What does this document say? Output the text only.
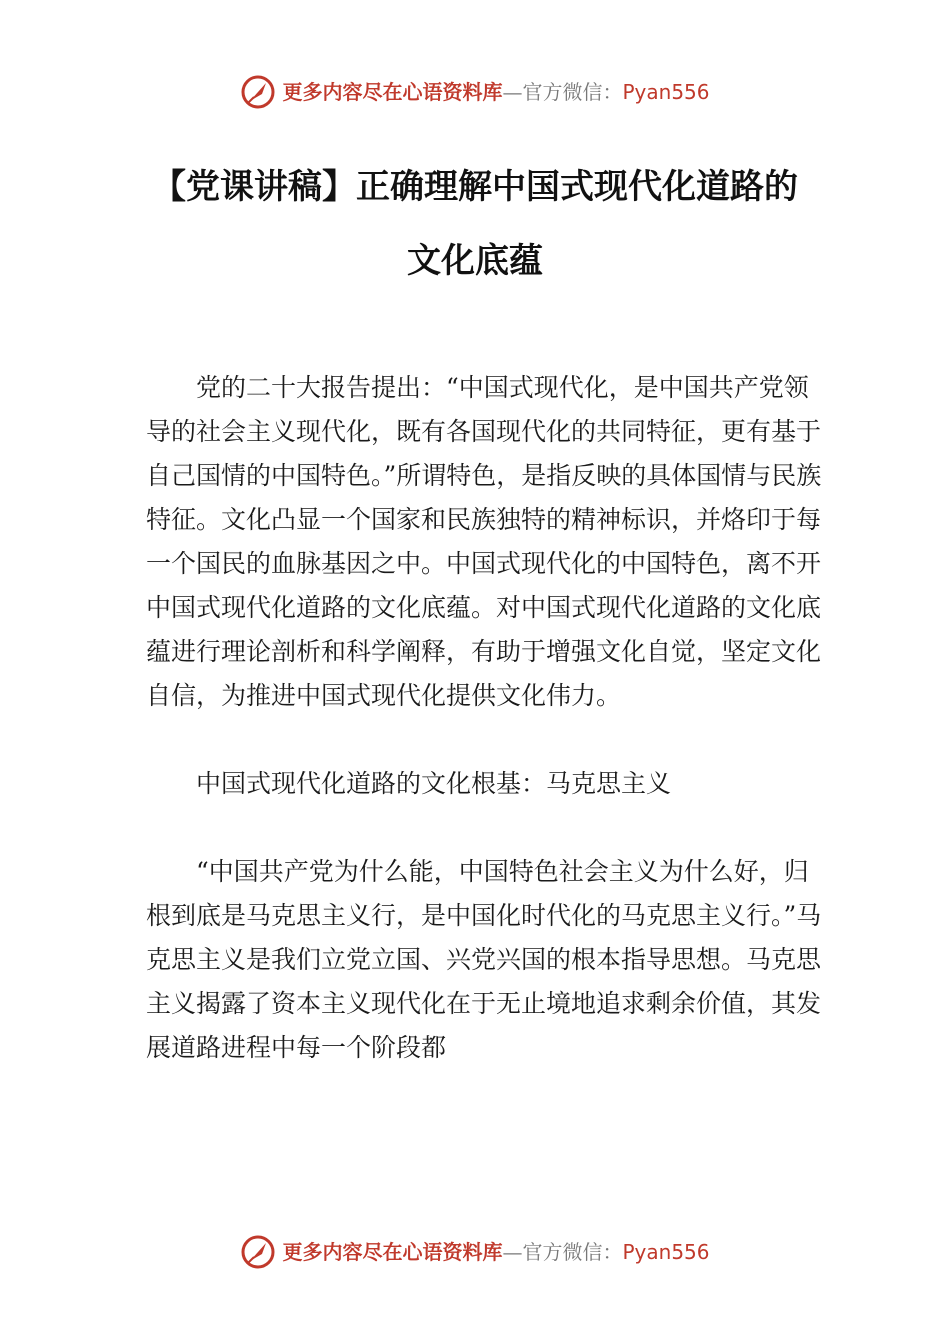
更多内容尽在心语资料库—官方微信：Pyan556
【党课讲稿】正确理解中国式现代化道路的
文化底蕴

党的二十大报告提出：“中国式现代化，是中国共产党领导的社会主义现代化，既有各国现代化的共同特征，更有基于自己国情的中国特色。”所谓特色，是指反映的具体国情与民族特征。文化凸显一个国家和民族独特的精神标识，并烙印于每一个国民的血脉基因之中。中国式现代化的中国特色，离不开中国式现代化道路的文化底蕴。对中国式现代化道路的文化底蕴进行理论剖析和科学阐释，有助于增强文化自觉，坚定文化自信，为推进中国式现代化提供文化伟力。

中国式现代化道路的文化根基：马克思主义

“中国共产党为什么能，中国特色社会主义为什么好，归根到底是马克思主义行，是中国化时代化的马克思主义行。”马克思主义是我们立党立国、兴党兴国的根本指导思想。马克思主义揭露了资本主义现代化在于无止境地追求剩余价值，其发展道路进程中每一个阶段都

更多内容尽在心语资料库—官方微信：Pyan556
